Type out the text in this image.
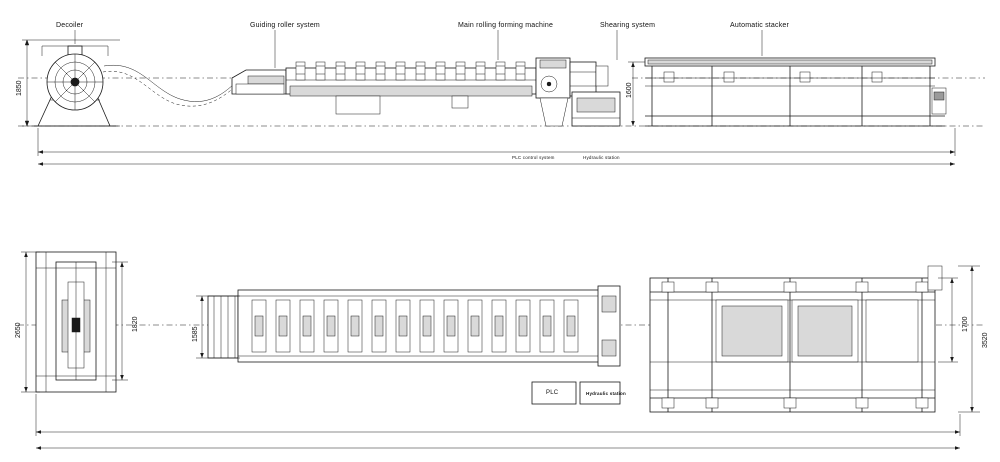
Decoiler	Guiding roller system	Main rolling forming machine	Shearing system	Automatic stacker
1850	1600
PLC control system	Hydraulic station
2650	1820
1585
1700
3520
PLC	Hydraulic station
